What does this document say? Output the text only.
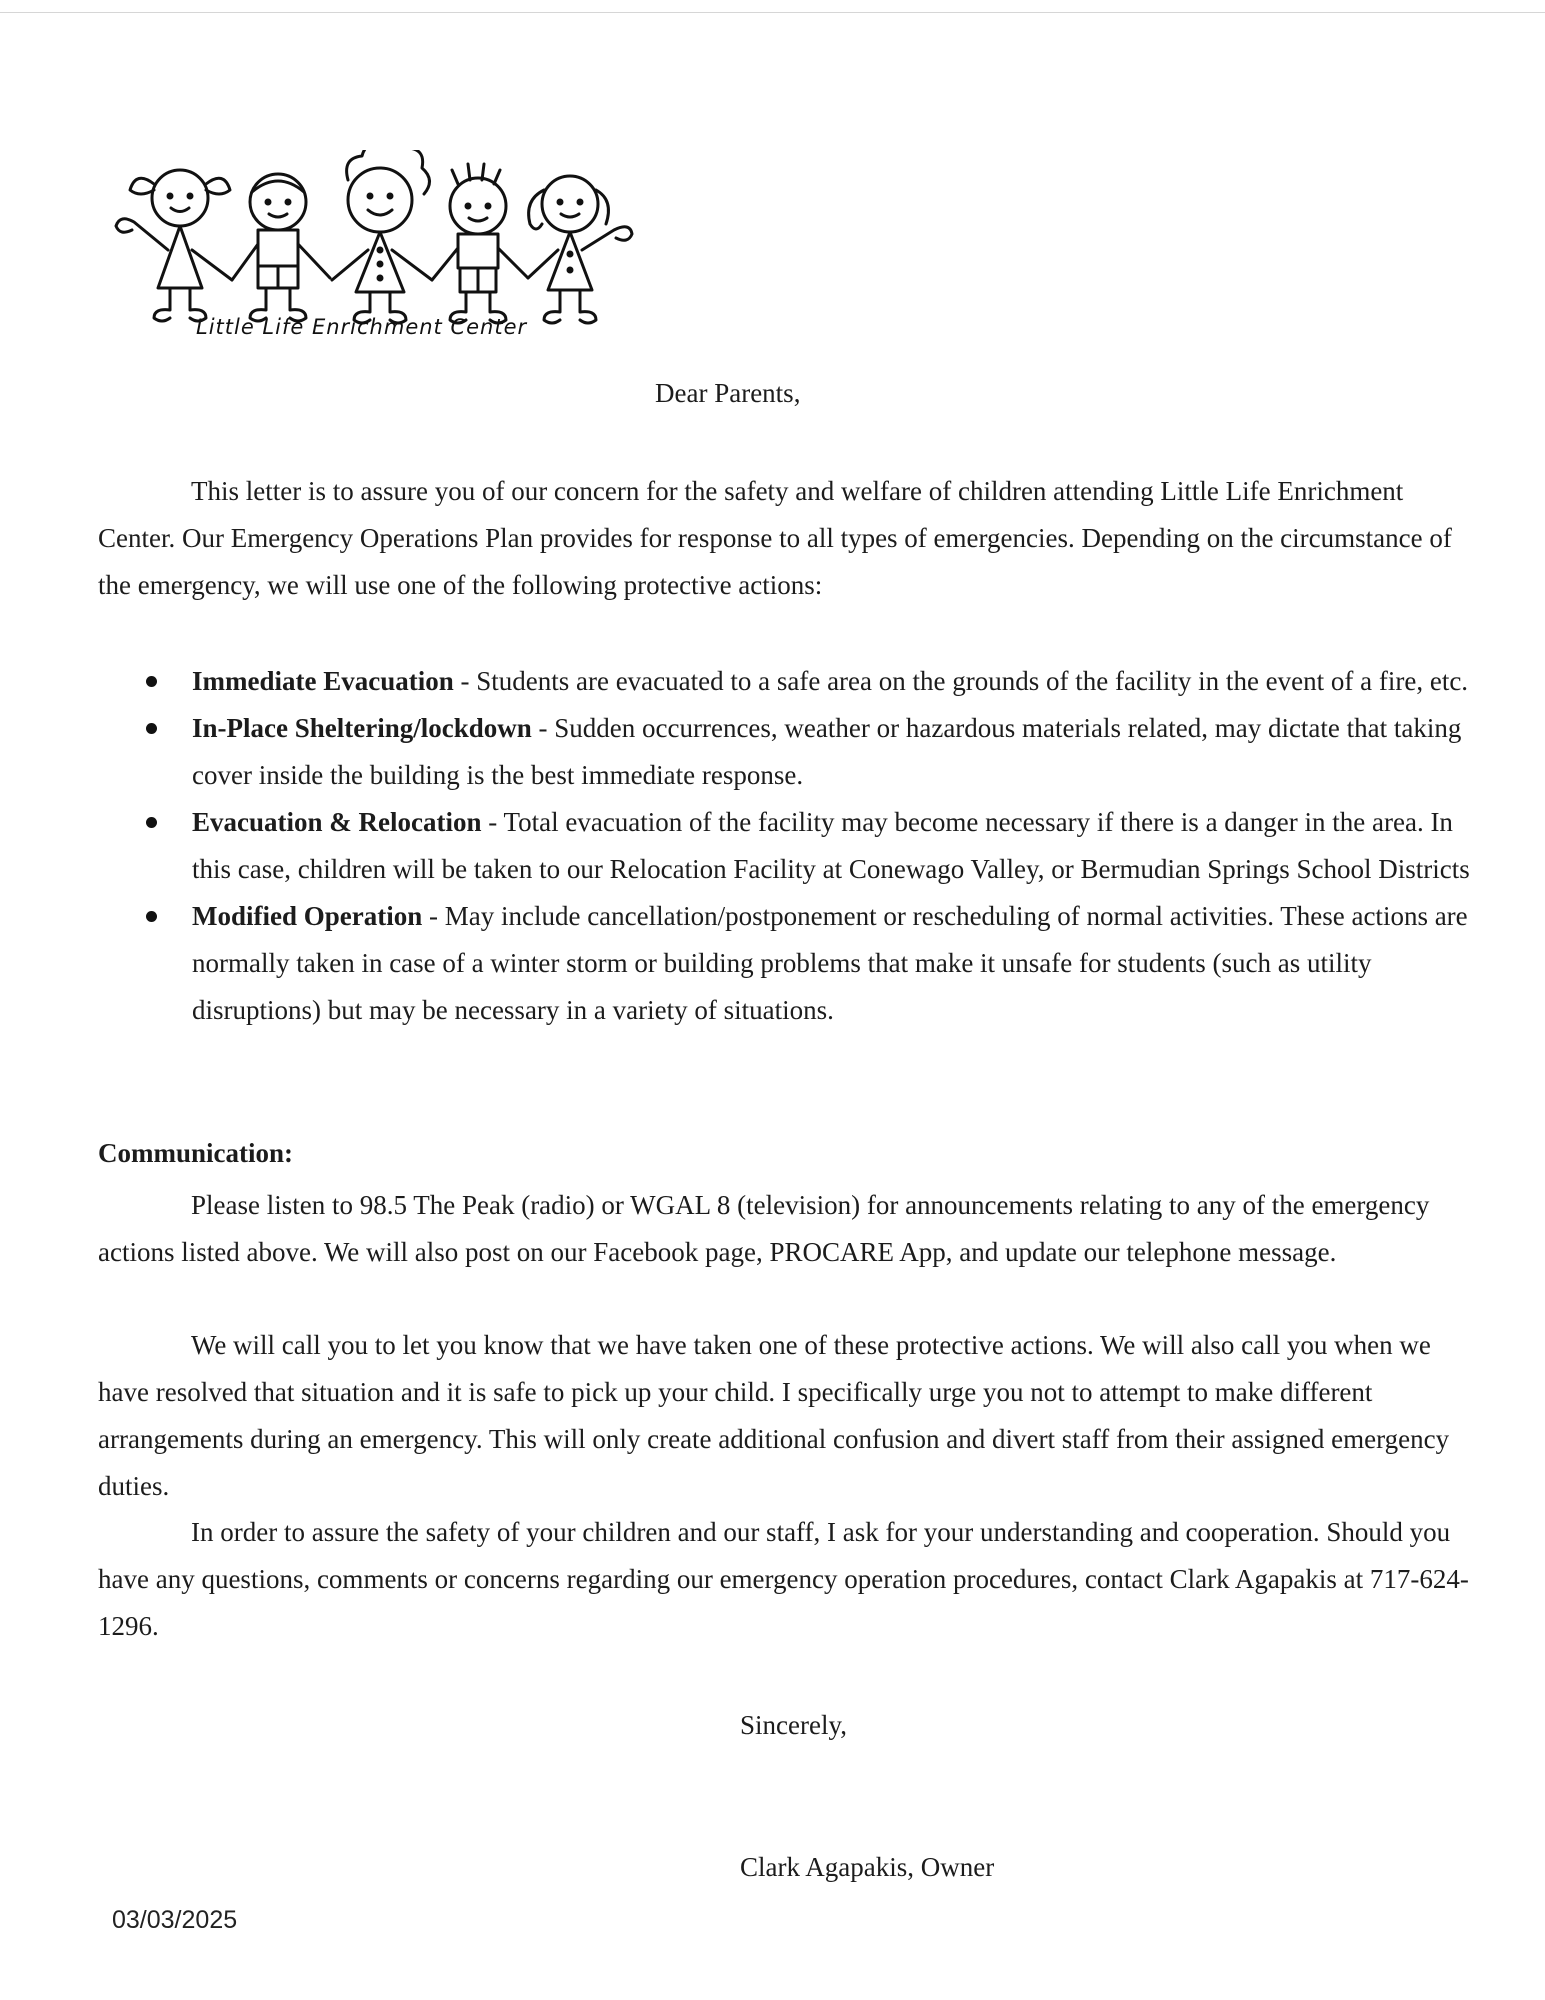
Little Life Enrichment Center
Dear Parents,

This letter is to assure you of our concern for the safety and welfare of children attending Little Life Enrichment Center. Our Emergency Operations Plan provides for response to all types of emergencies. Depending on the circumstance of the emergency, we will use one of the following protective actions:

Immediate Evacuation - Students are evacuated to a safe area on the grounds of the facility in the event of a fire, etc.
In-Place Sheltering/lockdown - Sudden occurrences, weather or hazardous materials related, may dictate that taking cover inside the building is the best immediate response.
Evacuation & Relocation - Total evacuation of the facility may become necessary if there is a danger in the area. In this case, children will be taken to our Relocation Facility at Conewago Valley, or Bermudian Springs School Districts
Modified Operation - May include cancellation/postponement or rescheduling of normal activities. These actions are normally taken in case of a winter storm or building problems that make it unsafe for students (such as utility disruptions) but may be necessary in a variety of situations.
Communication:

Please listen to 98.5 The Peak (radio) or WGAL 8 (television) for announcements relating to any of the emergency actions listed above. We will also post on our Facebook page, PROCARE App, and update our telephone message.

We will call you to let you know that we have taken one of these protective actions. We will also call you when we have resolved that situation and it is safe to pick up your child. I specifically urge you not to attempt to make different arrangements during an emergency. This will only create additional confusion and divert staff from their assigned emergency duties.

In order to assure the safety of your children and our staff, I ask for your understanding and cooperation. Should you have any questions, comments or concerns regarding our emergency operation procedures, contact Clark Agapakis at 717-624-1296.

Sincerely,
Clark Agapakis, Owner
03/03/2025
